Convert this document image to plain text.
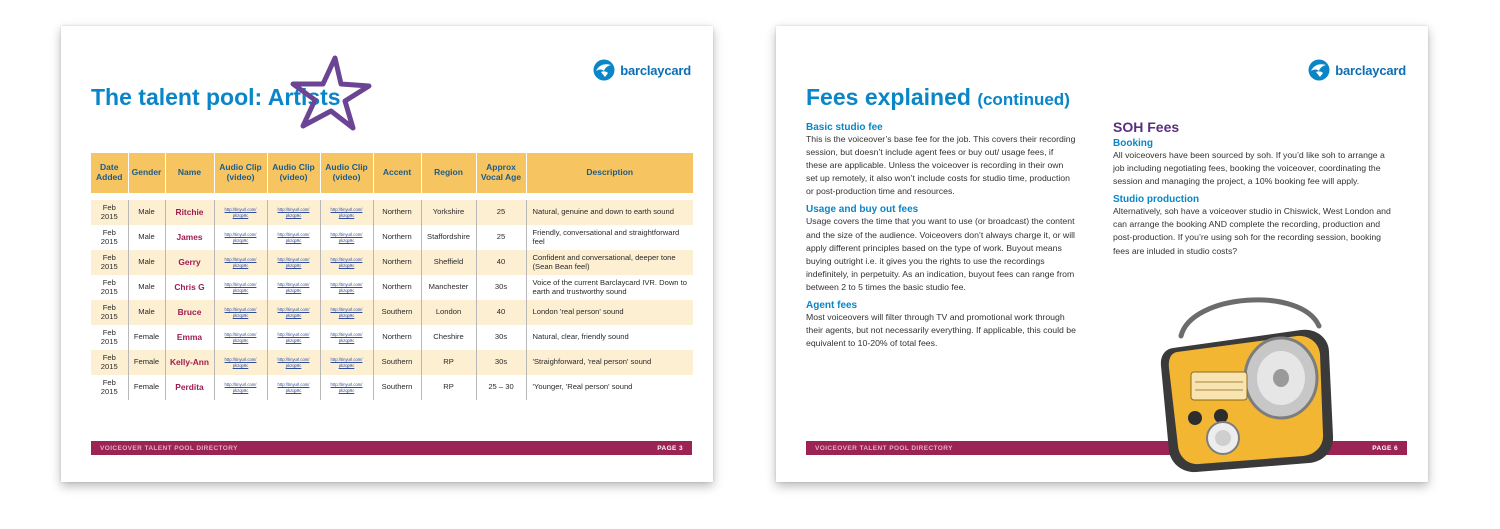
barclaycard
The talent pool: Artists
Date Added	Gender	Name	Audio Clip (video)	Audio Clip (video)	Audio Clip (video)	Accent	Region	Approx Vocal Age	Description

Feb 2015	Male	Ritchie	http://tinyurl.com/ pkzqp9c	http://tinyurl.com/ pkzqp9c	http://tinyurl.com/ pkzqp9c	Northern	Yorkshire	25	Natural, genuine and down to earth sound
Feb 2015	Male	James	http://tinyurl.com/ pkzqp9c	http://tinyurl.com/ pkzqp9c	http://tinyurl.com/ pkzqp9c	Northern	Staffordshire	25	Friendly, conversational and straightforward feel
Feb 2015	Male	Gerry	http://tinyurl.com/ pkzqp9c	http://tinyurl.com/ pkzqp9c	http://tinyurl.com/ pkzqp9c	Northern	Sheffield	40	Confident and conversational, deeper tone (Sean Bean feel)
Feb 2015	Male	Chris G	http://tinyurl.com/ pkzqp9c	http://tinyurl.com/ pkzqp9c	http://tinyurl.com/ pkzqp9c	Northern	Manchester	30s	Voice of the current Barclaycard IVR. Down to earth and trustworthy sound
Feb 2015	Male	Bruce	http://tinyurl.com/ pkzqp9c	http://tinyurl.com/ pkzqp9c	http://tinyurl.com/ pkzqp9c	Southern	London	40	London 'real person' sound
Feb 2015	Female	Emma	http://tinyurl.com/ pkzqp9c	http://tinyurl.com/ pkzqp9c	http://tinyurl.com/ pkzqp9c	Northern	Cheshire	30s	Natural, clear, friendly sound
Feb 2015	Female	Kelly-Ann	http://tinyurl.com/ pkzqp9c	http://tinyurl.com/ pkzqp9c	http://tinyurl.com/ pkzqp9c	Southern	RP	30s	'Straighforward, 'real person' sound
Feb 2015	Female	Perdita	http://tinyurl.com/ pkzqp9c	http://tinyurl.com/ pkzqp9c	http://tinyurl.com/ pkzqp9c	Southern	RP	25 – 30	'Younger, 'Real person' sound
VOICEOVER TALENT POOL DIRECTORY	PAGE 3
barclaycard
Fees explained (continued)
Basic studio fee

This is the voiceover’s base fee for the job. This covers their recording session, but doesn’t include agent fees or buy out/ usage fees, if these are applicable. Unless the voiceover is recording in their own set up remotely, it also won’t include costs for studio time, production or post-production time and resources.

Usage and buy out fees

Usage covers the time that you want to use (or broadcast) the content and the size of the audience. Voiceovers don’t always charge it, or will apply different principles based on the type of work. Buyout means buying outright i.e. it gives you the rights to use the recordings indefinitely, in perpetuity. As an indication, buyout fees can range from between 2 to 5 times the basic studio fee.

Agent fees

Most voiceovers will filter through TV and promotional work through their agents, but not necessarily everything. If applicable, this could be equivalent to 10-20% of total fees.

SOH Fees
Booking

All voiceovers have been sourced by soh. If you’d like soh to arrange a job including negotiating fees, booking the voiceover, coordinating the session and managing the project, a 10% booking fee will apply.

Studio production

Alternatively, soh have a voiceover studio in Chiswick, West London and can arrange the booking AND complete the recording, production and post-production. If you’re using soh for the recording session, booking fees are inluded in studio costs?

VOICEOVER TALENT POOL DIRECTORY	PAGE 6
